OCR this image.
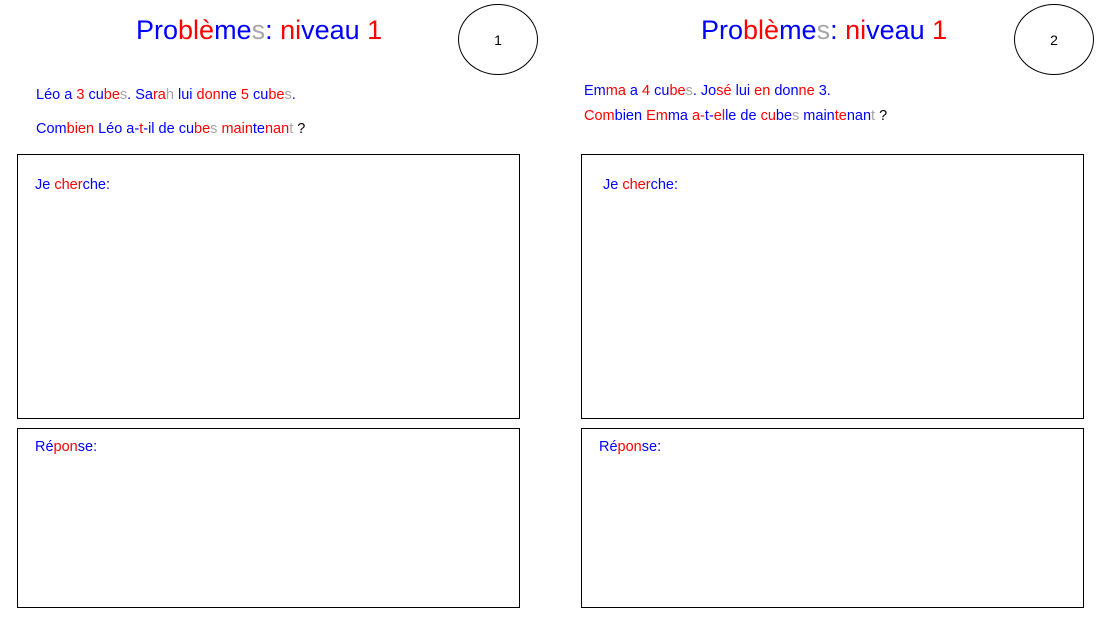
Problèmes: niveau 1	1
Léo a 3 cubes. Sarah lui donne 5 cubes.
Combien Léo a-t-il de cubes maintenant ?
Je cherche:
Réponse:
Problèmes: niveau 1	2
Emma a 4 cubes. José lui en donne 3.
Combien Emma a-t-elle de cubes maintenant ?
Je cherche:
Réponse:
